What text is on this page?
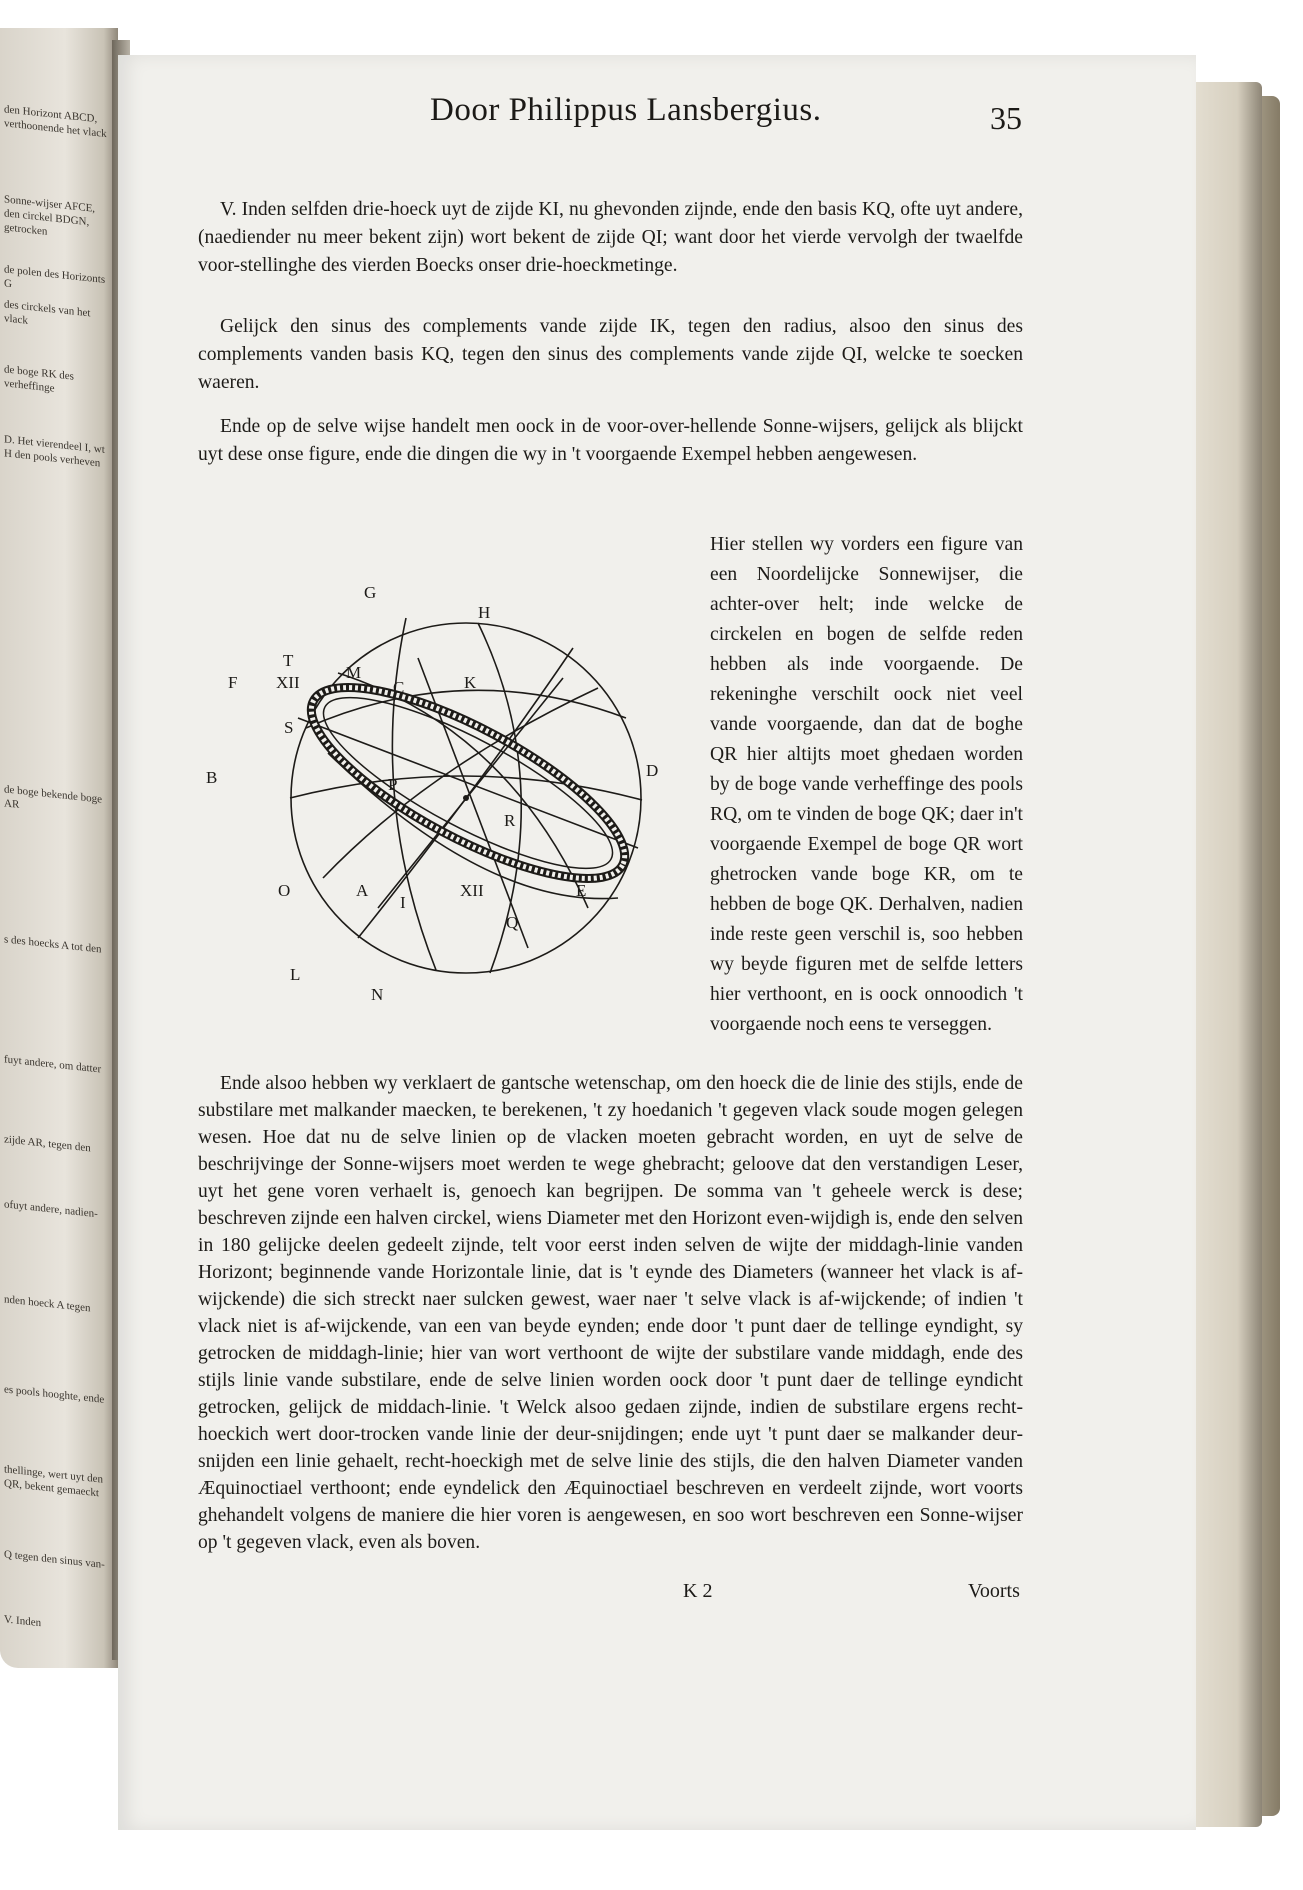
den Horizont ABCD, verthoonende het vlack
Sonne-wijser AFCE, den circkel BDGN, getrocken
de polen des Horizonts G
des circkels van het vlack
de boge RK des verheffinge
D. Het vierendeel I, wt H den pools verheven
de boge bekende boge AR
s des hoecks A tot den
fuyt andere, om datter
zijde AR, tegen den
ofuyt andere, nadien-
nden hoeck A tegen
es pools hooghte, ende
thellinge, wert uyt den QR, bekent gemaeckt
Q tegen den sinus van-
V. Inden
Door Philippus Lansbergius.	35

V. Inden selfden drie-hoeck uyt de zijde KI, nu ghevonden zijnde, ende den basis KQ, ofte uyt andere, (naediender nu meer bekent zijn) wort bekent de zijde QI; want door het vierde vervolgh der twaelfde voor-stellinghe des vierden Boecks onser drie-hoeckmetinge.

Gelijck den sinus des complements vande zijde IK, tegen den radius, alsoo den sinus des complements vanden basis KQ, tegen den sinus des complements vande zijde QI, welcke te soecken waeren.

Ende op de selve wijse handelt men oock in de voor-over-hellende Sonne-wijsers, gelijck als blijckt uyt dese onse figure, ende die dingen die wy in 't voorgaende Exempel hebben aengewesen.

G
H
T
M
F XII	C	K
S
B	D
P
R
O	A
I
XII	E
Q
L
N

Hier stellen wy vorders een figure van een Noordelijcke Sonnewijser, die achter-over helt; inde welcke de circkelen en bogen de selfde reden hebben als inde voorgaende. De rekeninghe verschilt oock niet veel vande voorgaende, dan dat de boghe QR hier altijts moet ghedaen worden by de boge vande verheffinge des pools RQ, om te vinden de boge QK; daer in't voorgaende Exempel de boge QR wort ghetrocken vande boge KR, om te hebben de boge QK. Derhalven, nadien inde reste geen verschil is, soo hebben wy beyde figuren met de selfde letters hier verthoont, en is oock onnoodich 't voorgaende noch eens te verseggen.

Ende alsoo hebben wy verklaert de gantsche wetenschap, om den hoeck die de linie des stijls, ende de substilare met malkander maecken, te berekenen, 't zy hoedanich 't gegeven vlack soude mogen gelegen wesen. Hoe dat nu de selve linien op de vlacken moeten gebracht worden, en uyt de selve de beschrijvinge der Sonne-wijsers moet werden te wege ghebracht; geloove dat den verstandigen Leser, uyt het gene voren verhaelt is, genoech kan begrijpen. De somma van 't geheele werck is dese; beschreven zijnde een halven circkel, wiens Diameter met den Horizont even-wijdigh is, ende den selven in 180 gelijcke deelen gedeelt zijnde, telt voor eerst inden selven de wijte der middagh-linie vanden Horizont; beginnende vande Horizontale linie, dat is 't eynde des Diameters (wanneer het vlack is af-wijckende) die sich streckt naer sulcken gewest, waer naer 't selve vlack is af-wijckende; of indien 't vlack niet is af-wijckende, van een van beyde eynden; ende door 't punt daer de tellinge eyndight, sy getrocken de middagh-linie; hier van wort verthoont de wijte der substilare vande middagh, ende des stijls linie vande substilare, ende de selve linien worden oock door 't punt daer de tellinge eyndicht getrocken, gelijck de middach-linie. 't Welck alsoo gedaen zijnde, indien de substilare ergens recht-hoeckich wert door-trocken vande linie der deur-snijdingen; ende uyt 't punt daer se malkander deur-snijden een linie gehaelt, recht-hoeckigh met de selve linie des stijls, die den halven Diameter vanden Æquinoctiael verthoont; ende eyndelick den Æquinoctiael beschreven en verdeelt zijnde, wort voorts ghehandelt volgens de maniere die hier voren is aengewesen, en soo wort beschreven een Sonne-wijser op 't gegeven vlack, even als boven.

K 2	Voorts
